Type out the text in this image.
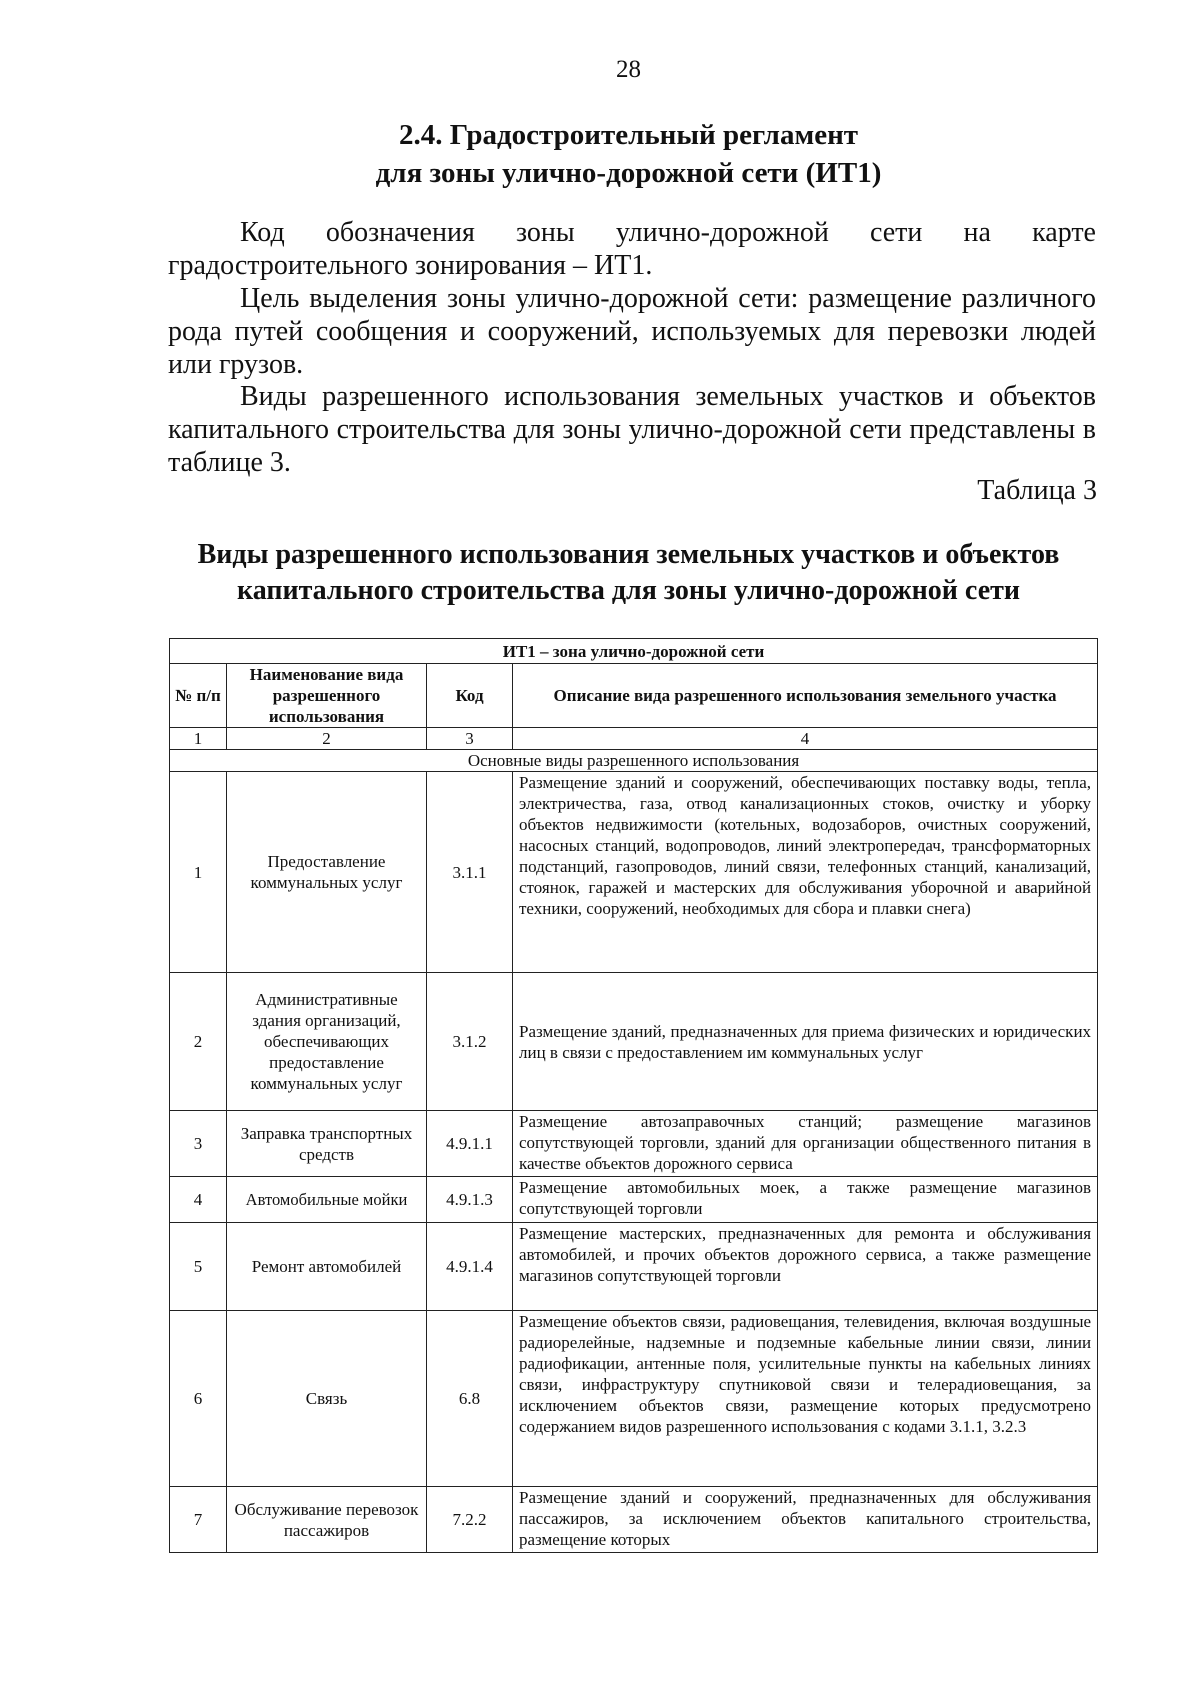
28
2.4. Градостроительный регламент
для зоны улично-дорожной сети (ИТ1)

Код обозначения зоны улично-дорожной сети на карте

градостроительного зонирования – ИТ1.

Цель выделения зоны улично-дорожной сети: размещение различного рода путей сообщения и сооружений, используемых для перевозки людей или грузов.

Виды разрешенного использования земельных участков и объектов капитального строительства для зоны улично-дорожной сети представлены в таблице 3.

Таблица 3
Виды разрешенного использования земельных участков и объектов
капитального строительства для зоны улично-дорожной сети
ИТ1 – зона улично-дорожной сети			
№ п/п	Наименование вида разрешенного использования	Код	Описание вида разрешенного использования земельного участка
1	2	3	4
Основные виды разрешенного использования			
1	Предоставление коммунальных услуг	3.1.1	Размещение зданий и сооружений, обеспечивающих поставку воды, тепла, электричества, газа, отвод канализационных стоков, очистку и уборку объектов недвижимости (котельных, водозаборов, очистных сооружений, насосных станций, водопроводов, линий электропередач, трансформаторных подстанций, газопроводов, линий связи, телефонных станций, канализаций, стоянок, гаражей и мастерских для обслуживания уборочной и аварийной техники, сооружений, необходимых для сбора и плавки снега)
2	Административные здания организаций, обеспечивающих предоставление коммунальных услуг	3.1.2	Размещение зданий, предназначенных для приема физических и юридических лиц в связи с предоставлением им коммунальных услуг
3	Заправка транспортных средств	4.9.1.1	Размещение автозаправочных станций; размещение магазинов сопутствующей торговли, зданий для организации общественного питания в качестве объектов дорожного сервиса
4	Автомобильные мойки	4.9.1.3	Размещение автомобильных моек, а также размещение магазинов сопутствующей торговли
5	Ремонт автомобилей	4.9.1.4	Размещение мастерских, предназначенных для ремонта и обслуживания автомобилей, и прочих объектов дорожного сервиса, а также размещение магазинов сопутствующей торговли
6	Связь	6.8	Размещение объектов связи, радиовещания, телевидения, включая воздушные радиорелейные, надземные и подземные кабельные линии связи, линии радиофикации, антенные поля, усилительные пункты на кабельных линиях связи, инфраструктуру спутниковой связи и телерадиовещания, за исключением объектов связи, размещение которых предусмотрено содержанием видов разрешенного использования с кодами 3.1.1, 3.2.3
7	Обслуживание перевозок пассажиров	7.2.2	Размещение зданий и сооружений, предназначенных для обслуживания пассажиров, за исключением объектов капитального строительства, размещение которых
